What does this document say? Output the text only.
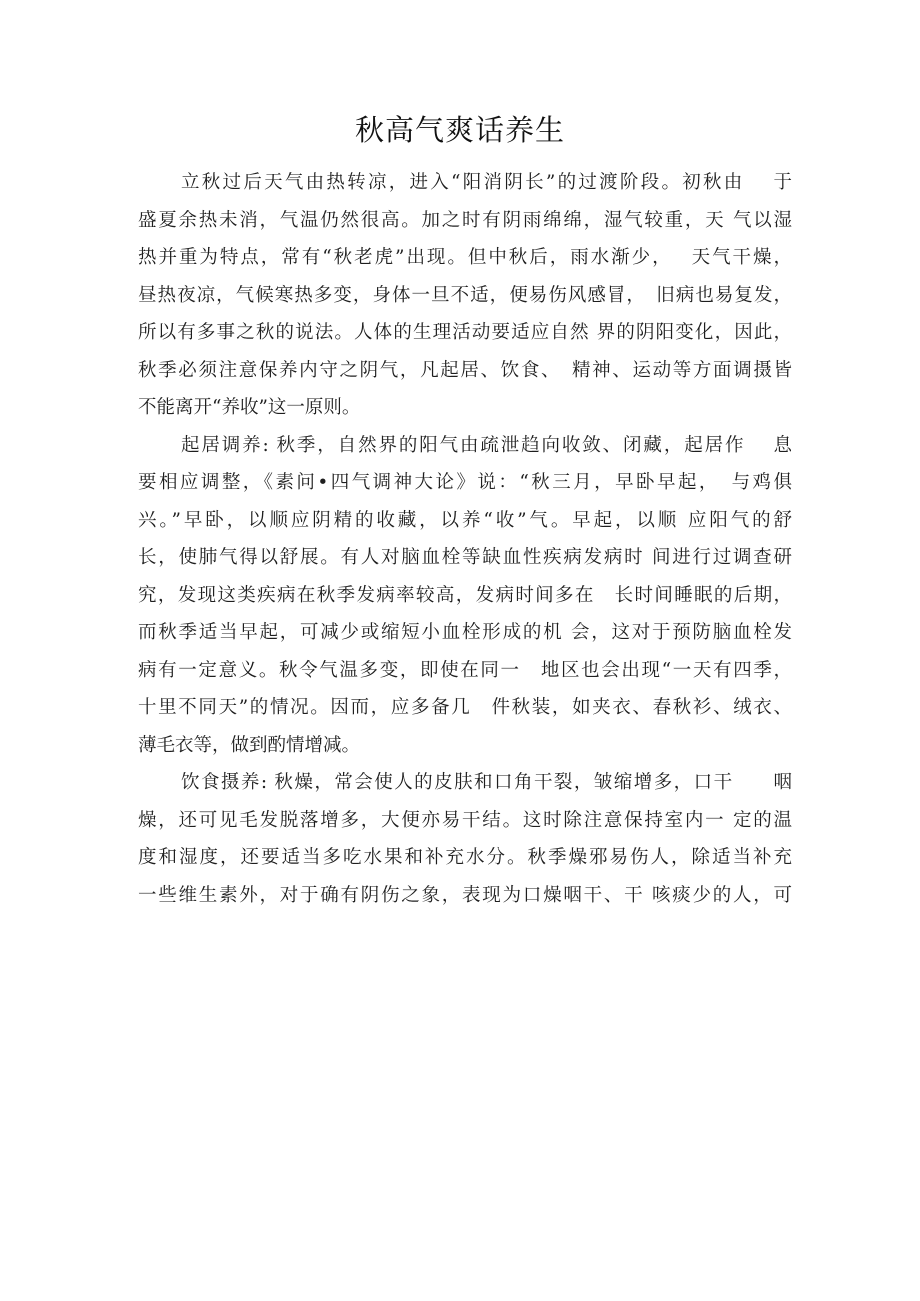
秋高气爽话养生

立秋过后天气由热转凉，进入“阳消阴长”的过渡阶段。初秋由　 于
盛夏余热未消，气温仍然很高。加之时有阴雨绵绵，湿气较重，天 气以湿
热并重为特点，常有“秋老虎”出现。但中秋后，雨水渐少，　 天气干燥，
昼热夜凉，气候寒热多变，身体一旦不适，便易伤风感冒，　旧病也易复发，
所以有多事之秋的说法。人体的生理活动要适应自然 界的阴阳变化，因此，
秋季必须注意保养内守之阴气，凡起居、饮食、　精神、运动等方面调摄皆
不能离开“养收”这一原则。

起居调养: 秋季，自然界的阳气由疏泄趋向收敛、闭藏，起居作　 息
要相应调整，《素问•四气调神大论》说：“秋三月，早卧早起，　与鸡俱
兴。”早卧，以顺应阴精的收藏，以养“收”气。早起，以顺 应阳气的舒
长，使肺气得以舒展。有人对脑血栓等缺血性疾病发病时 间进行过调查研
究，发现这类疾病在秋季发病率较高，发病时间多在　长时间睡眠的后期，
而秋季适当早起，可减少或缩短小血栓形成的机 会，这对于预防脑血栓发
病有一定意义。秋令气温多变，即使在同一　地区也会出现“一天有四季，
十里不同天”的情况。因而，应多备几　件秋装，如夹衣、春秋衫、绒衣、
薄毛衣等，做到酌情增减。

饮食摄养: 秋燥，常会使人的皮肤和口角干裂，皱缩增多，口干　　咽
燥，还可见毛发脱落增多，大便亦易干结。这时除注意保持室内一 定的温
度和湿度，还要适当多吃水果和补充水分。秋季燥邪易伤人，除适当补充
一些维生素外，对于确有阴伤之象，表现为口燥咽干、干 咳痰少的人，可
